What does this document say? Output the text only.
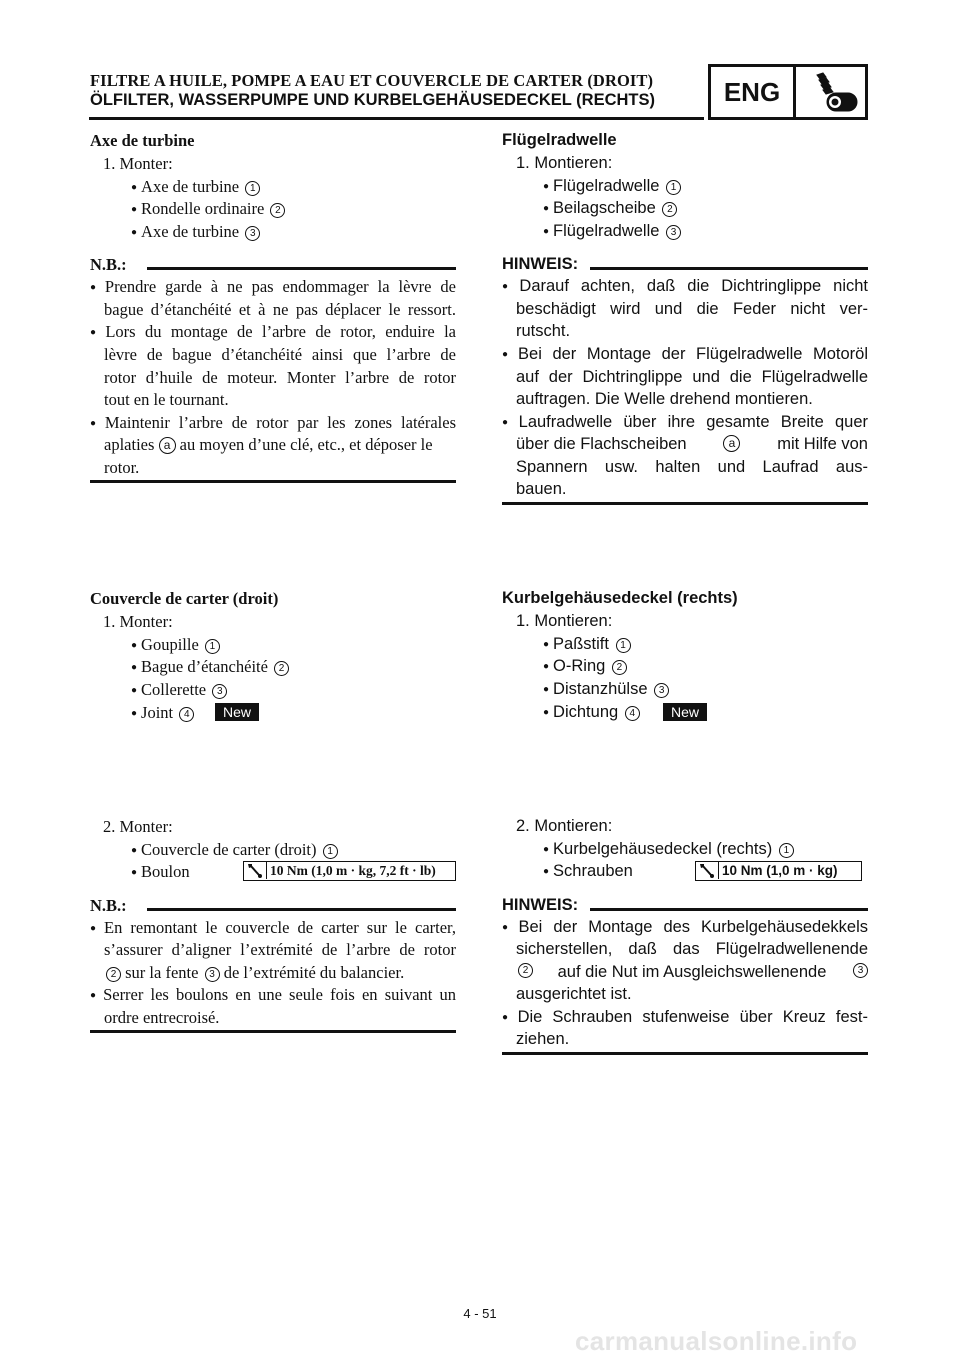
FILTRE A HUILE, POMPE A EAU ET COUVERCLE DE CARTER (DROIT)
ÖLFILTER, WASSERPUMPE UND KURBELGEHÄUSEDECKEL (RECHTS)	ENG
Axe de turbine
1. Monter:
● Axe de turbine 1
● Rondelle ordinaire 2
● Axe de turbine 3
N.B.:
● Prendre garde à ne pas endommager la lèvre de
bague d’étanchéité et à ne pas déplacer le ressort.
● Lors du montage de l’arbre de rotor, enduire la
lèvre de bague d’étanchéité ainsi que l’arbre de
rotor d’huile de moteur. Monter l’arbre de rotor
tout en le tournant.
● Maintenir l’arbre de rotor par les zones latérales
aplaties a au moyen d’une clé, etc., et déposer le
rotor.
Couvercle de carter (droit)
1. Monter:
● Goupille 1
● Bague d’étanchéité 2
● Collerette 3
● Joint 4	New
2. Monter:
● Couvercle de carter (droit) 1
● Boulon	10 Nm (1,0 m · kg, 7,2 ft · lb)
N.B.:
● En remontant le couvercle de carter sur le carter,
s’assurer d’aligner l’extrémité de l’arbre de rotor
2 sur la fente 3 de l’extrémité du balancier.
● Serrer les boulons en une seule fois en suivant un
ordre entrecroisé.
Flügelradwelle
1. Montieren:
● Flügelradwelle 1
● Beilagscheibe 2
● Flügelradwelle 3
HINWEIS:
● Darauf achten, daß die Dichtringlippe nicht
beschädigt wird und die Feder nicht ver-
rutscht.
● Bei der Montage der Flügelradwelle Motoröl
auf der Dichtringlippe und die Flügelradwelle
auftragen. Die Welle drehend montieren.
● Laufradwelle über ihre gesamte Breite quer
über die Flachscheiben	a	mit Hilfe von
Spannern usw. halten und Laufrad aus-
bauen.
Kurbelgehäusedeckel (rechts)
1. Montieren:
● Paßstift 1
● O-Ring 2
● Distanzhülse 3
● Dichtung 4	New
2. Montieren:
● Kurbelgehäusedeckel (rechts) 1
● Schrauben	10 Nm (1,0 m · kg)
HINWEIS:
● Bei der Montage des Kurbelgehäusedekkels
sicherstellen, daß das Flügelradwellenende
2 auf die Nut im Ausgleichswellenende	3
ausgerichtet ist.
● Die Schrauben stufenweise über Kreuz fest-
ziehen.
4 - 51
carmanualsonline.info
